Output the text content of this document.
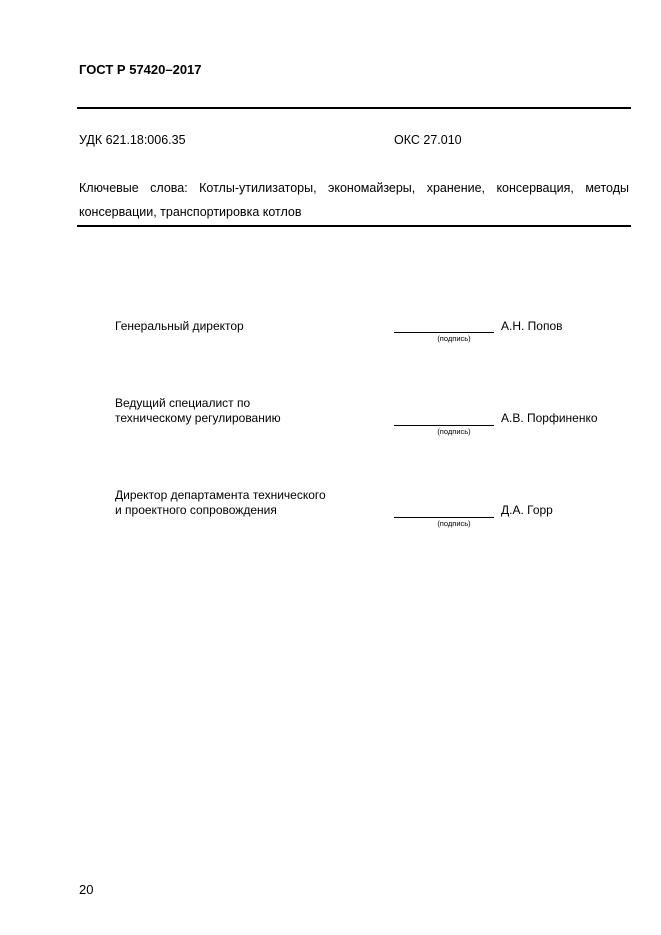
ГОСТ Р 57420–2017
УДК 621.18:006.35	ОКС 27.010
Ключевые слова: Котлы-утилизаторы, экономайзеры, хранение, консервация, методы
консервации, транспортировка котлов
Генеральный директор
(подпись)
А.Н. Попов
Ведущий специалист по
техническому регулированию
(подпись)
А.В. Порфиненко
Директор департамента технического
и проектного сопровождения
(подпись)
Д.А. Горр
20
